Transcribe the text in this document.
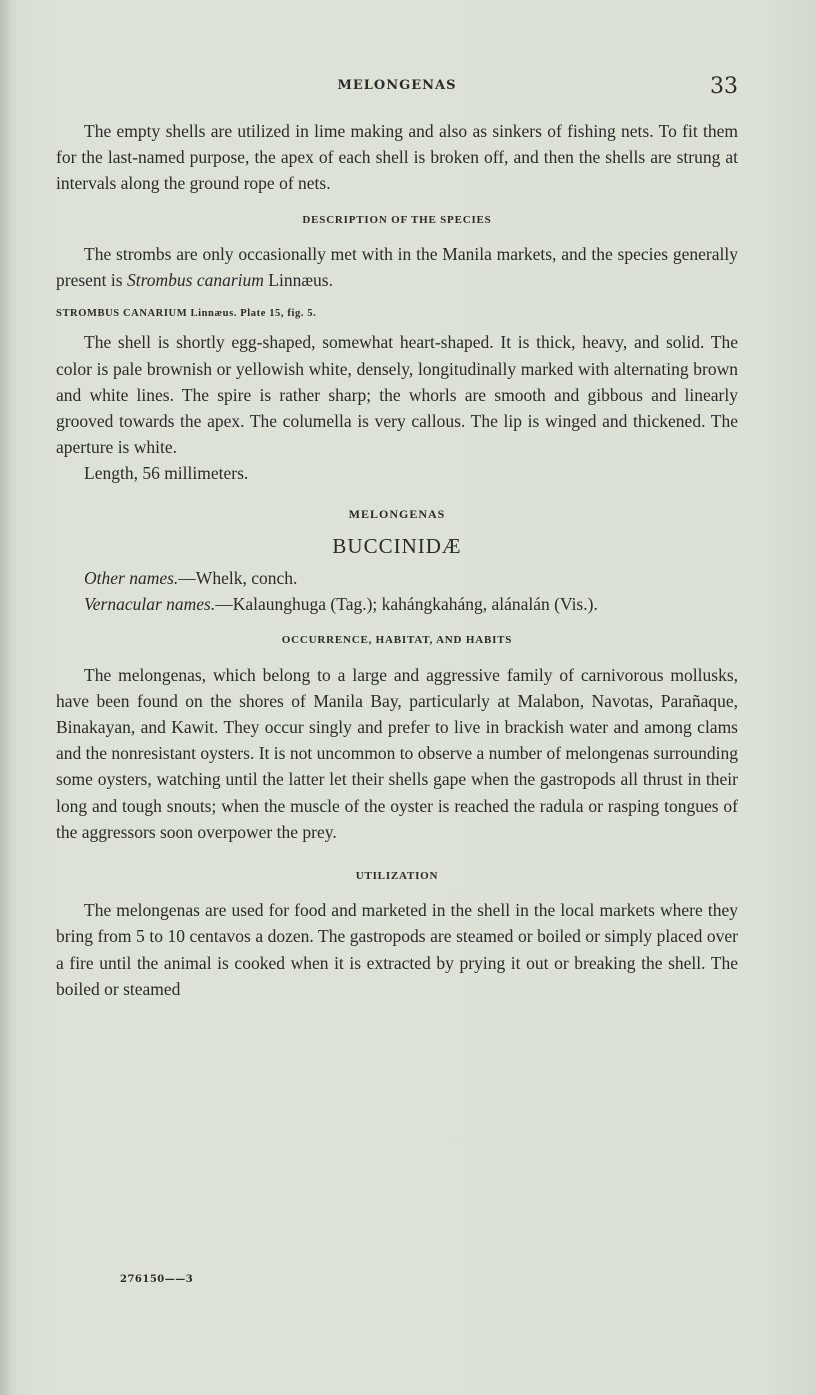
MELONGENAS	33

The empty shells are utilized in lime making and also as sinkers of fishing nets. To fit them for the last-named purpose, the apex of each shell is broken off, and then the shells are strung at intervals along the ground rope of nets.

DESCRIPTION OF THE SPECIES

The strombs are only occasionally met with in the Manila markets, and the species generally present is Strombus canarium Linnæus.

STROMBUS CANARIUM Linnæus. Plate 15, fig. 5.

The shell is shortly egg-shaped, somewhat heart-shaped. It is thick, heavy, and solid. The color is pale brownish or yellowish white, densely, longitudinally marked with alternating brown and white lines. The spire is rather sharp; the whorls are smooth and gibbous and linearly grooved towards the apex. The columella is very callous. The lip is winged and thickened. The aperture is white.

Length, 56 millimeters.

MELONGENAS
BUCCINIDÆ

Other names.—Whelk, conch.

Vernacular names.—Kalaunghuga (Tag.); kahángkaháng, alánalán (Vis.).

OCCURRENCE, HABITAT, AND HABITS

The melongenas, which belong to a large and aggressive family of carnivorous mollusks, have been found on the shores of Manila Bay, particularly at Malabon, Navotas, Parañaque, Binakayan, and Kawit. They occur singly and prefer to live in brackish water and among clams and the nonresistant oysters. It is not uncommon to observe a number of melongenas surrounding some oysters, watching until the latter let their shells gape when the gastropods all thrust in their long and tough snouts; when the muscle of the oyster is reached the radula or rasping tongues of the aggressors soon overpower the prey.

UTILIZATION

The melongenas are used for food and marketed in the shell in the local markets where they bring from 5 to 10 centavos a dozen. The gastropods are steamed or boiled or simply placed over a fire until the animal is cooked when it is extracted by prying it out or breaking the shell. The boiled or steamed

276150——3
